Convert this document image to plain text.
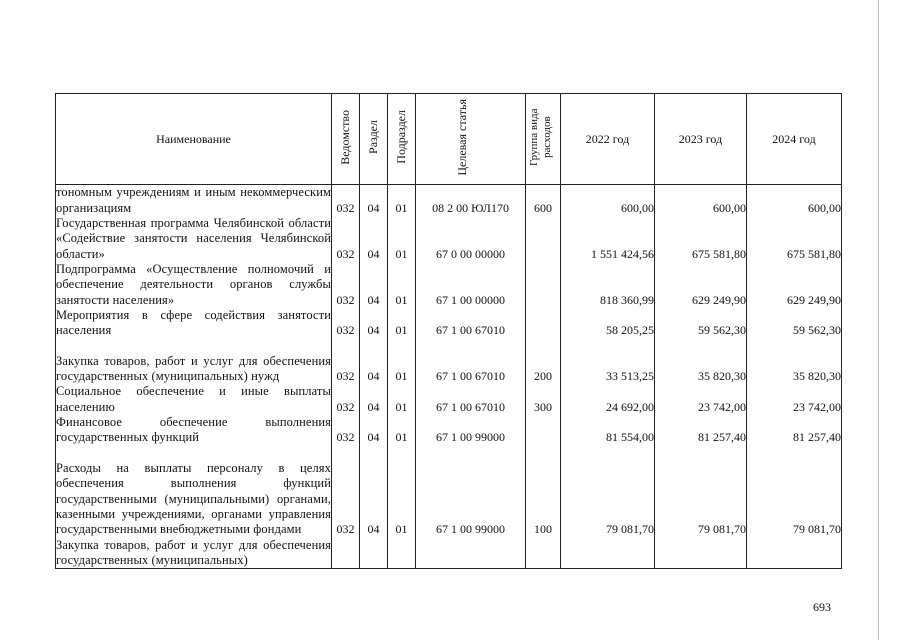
Наименование	Ведомство	Раздел	Подраздел	Целевая статья	Группа вида расходов	2022 год	2023 год	2024 год
тономным учреждениям и иным некоммерческим организациям	032	04	01	08 2 00 ЮЛ170	600	600,00	600,00	600,00
Государственная программа Челябинской области «Содействие занятости населения Челябинской области»	032	04	01	67 0 00 00000		1 551 424,56	675 581,80	675 581,80
Подпрограмма «Осуществление полномочий и обеспечение деятельности органов службы занятости населения»	032	04	01	67 1 00 00000		818 360,99	629 249,90	629 249,90
Мероприятия в сфере содействия занятости населения	032	04	01	67 1 00 67010		58 205,25	59 562,30	59 562,30
Закупка товаров, работ и услуг для обеспечения государственных (муниципальных) нужд	032	04	01	67 1 00 67010	200	33 513,25	35 820,30	35 820,30
Социальное обеспечение и иные выплаты населению	032	04	01	67 1 00 67010	300	24 692,00	23 742,00	23 742,00
Финансовое обеспечение выполнения государственных функций	032	04	01	67 1 00 99000		81 554,00	81 257,40	81 257,40
Расходы на выплаты персоналу в целях обеспечения выполнения функций государственными (муниципальными) органами, казенными учреждениями, органами управления государственными внебюджетными фондами	032	04	01	67 1 00 99000	100	79 081,70	79 081,70	79 081,70
Закупка товаров, работ и услуг для обеспечения государственных (муниципальных)								
693
